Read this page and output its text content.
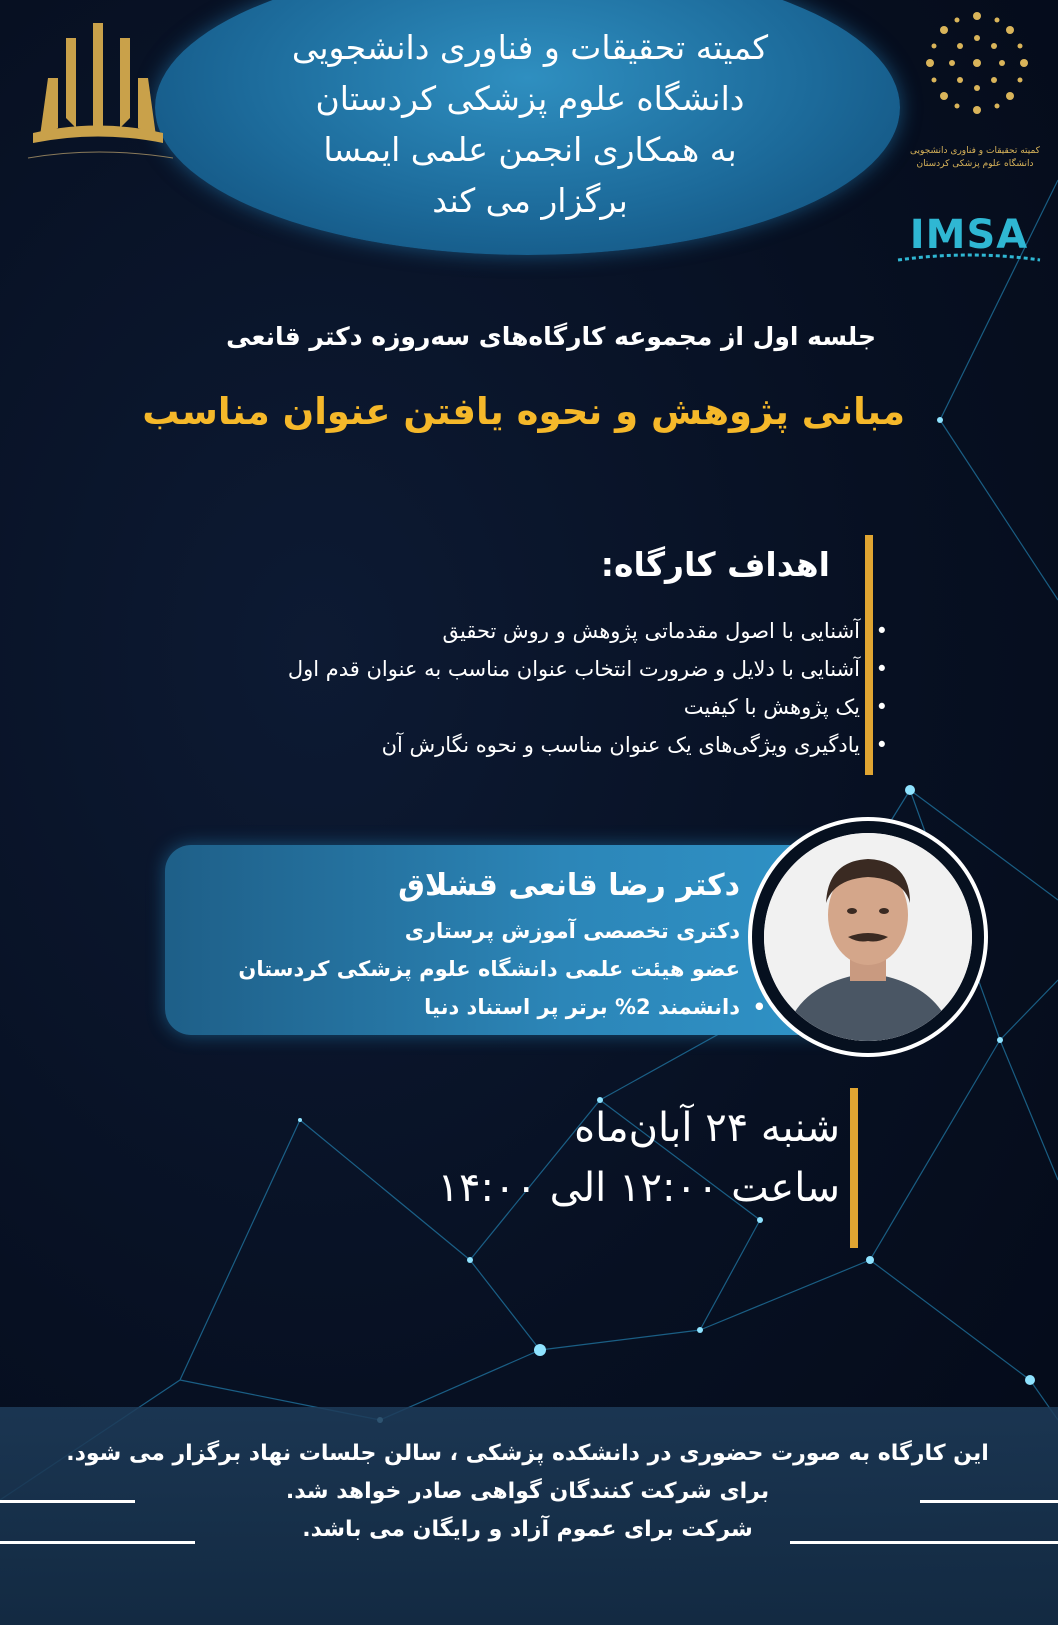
کمیته تحقیقات و فناوری دانشجویی
دانشگاه علوم پزشکی کردستان
به همکاری انجمن علمی ایمسا
برگزار می کند
کمیته تحقیقات و فناوری دانشجویی
دانشگاه علوم پزشکی کردستان
IMSA
جلسه اول از مجموعه کارگاه‌های سه‌روزه دکتر قانعی
مبانی پژوهش و نحوه یافتن عنوان مناسب
اهداف کارگاه:
•
آشنایی با اصول مقدماتی پژوهش و روش تحقیق
•
آشنایی با دلایل و ضرورت انتخاب عنوان مناسب به عنوان قدم اول
•
یک پژوهش با کیفیت
•
یادگیری ویژگی‌های یک عنوان مناسب و نحوه نگارش آن
دکتر رضا قانعی قشلاق
دکتری تخصصی آموزش پرستاری
عضو هیئت علمی دانشگاه علوم پزشکی کردستان
•
دانشمند 2% برتر پر استناد دنیا
شنبه ۲۴ آبان‌ماه
ساعت ۱۲:۰۰ الی ۱۴:۰۰
این کارگاه به صورت حضوری در دانشکده پزشکی ، سالن جلسات نهاد برگزار می شود.
برای شرکت کنندگان گواهی صادر خواهد شد.
شرکت برای عموم آزاد و رایگان می باشد.
